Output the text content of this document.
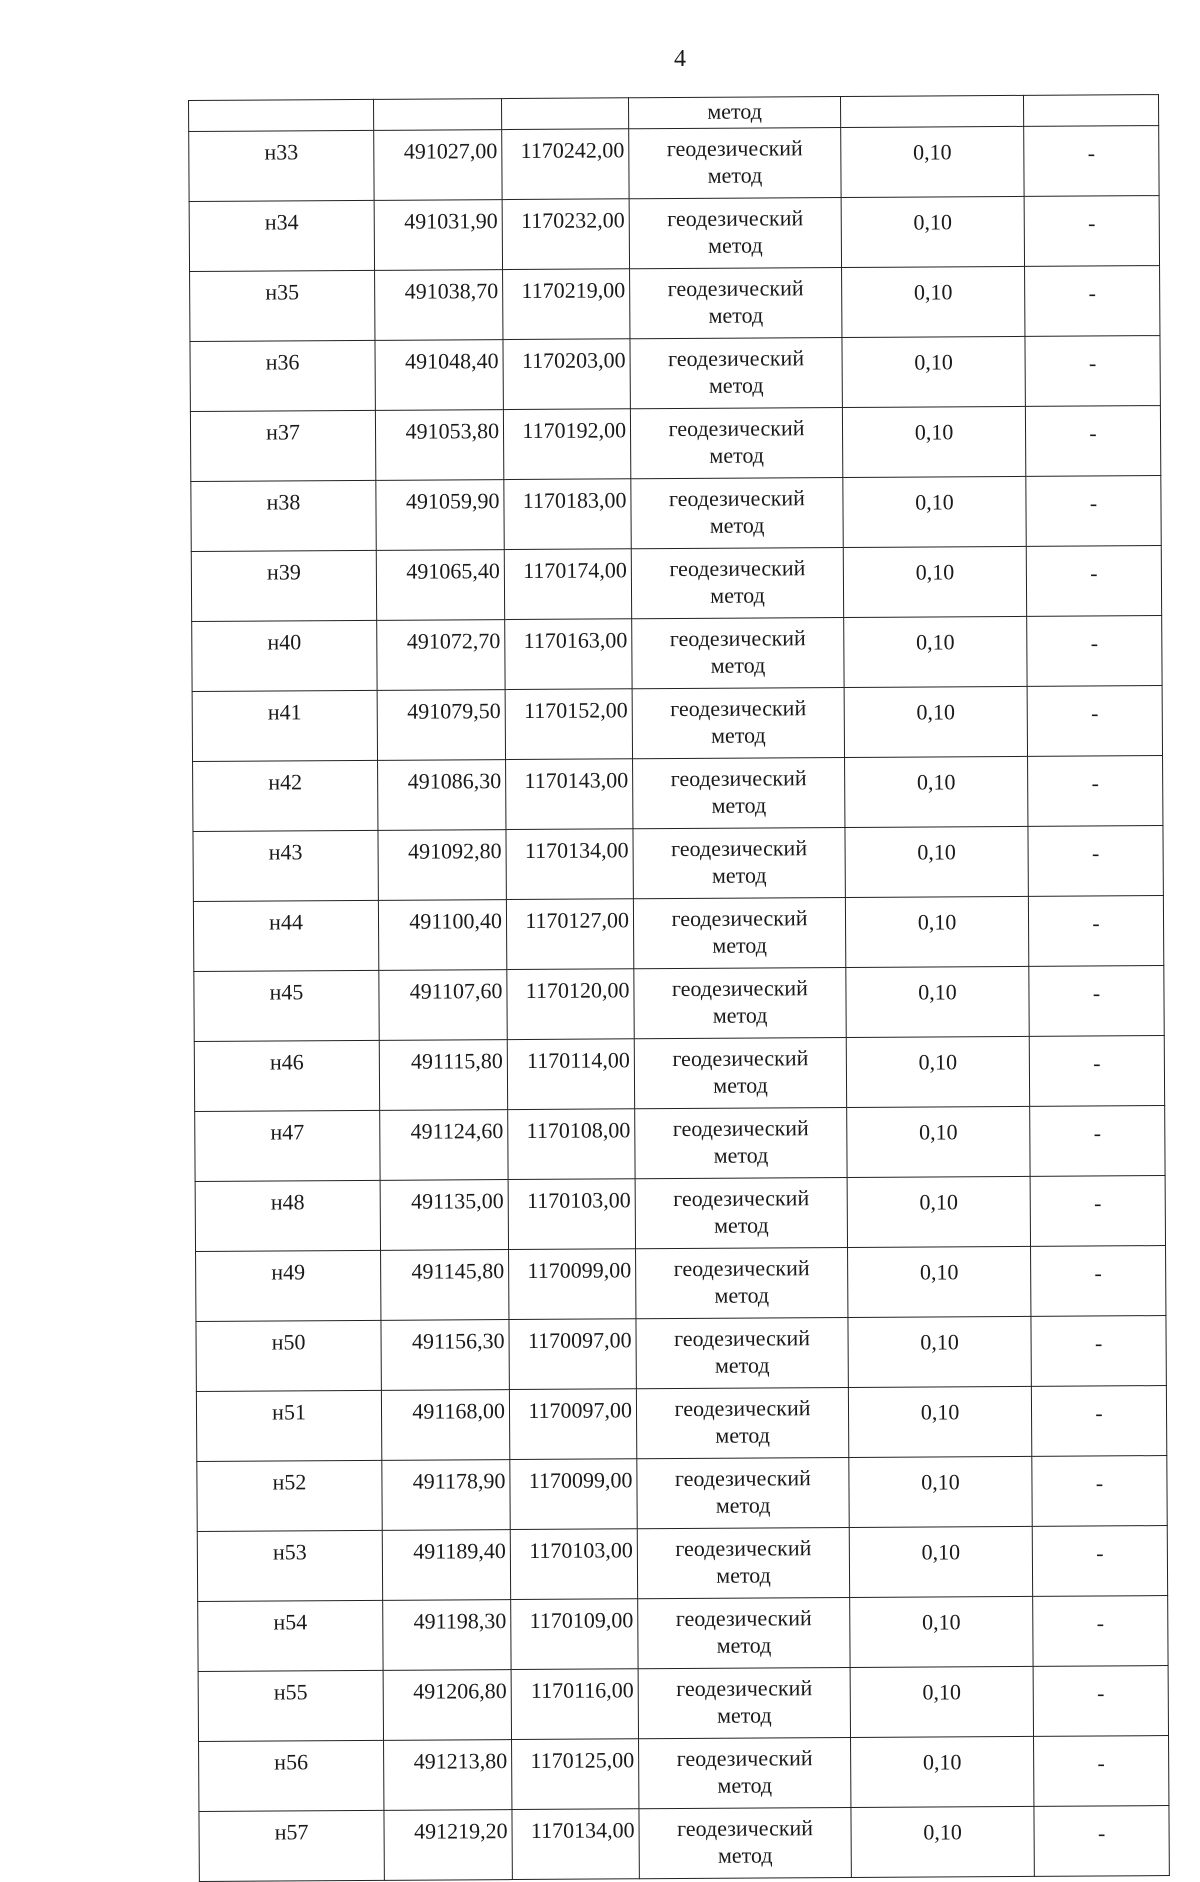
4
			метод		
н33	491027,00	1170242,00	геодезический
метод	0,10	-
н34	491031,90	1170232,00	геодезический
метод	0,10	-
н35	491038,70	1170219,00	геодезический
метод	0,10	-
н36	491048,40	1170203,00	геодезический
метод	0,10	-
н37	491053,80	1170192,00	геодезический
метод	0,10	-
н38	491059,90	1170183,00	геодезический
метод	0,10	-
н39	491065,40	1170174,00	геодезический
метод	0,10	-
н40	491072,70	1170163,00	геодезический
метод	0,10	-
н41	491079,50	1170152,00	геодезический
метод	0,10	-
н42	491086,30	1170143,00	геодезический
метод	0,10	-
н43	491092,80	1170134,00	геодезический
метод	0,10	-
н44	491100,40	1170127,00	геодезический
метод	0,10	-
н45	491107,60	1170120,00	геодезический
метод	0,10	-
н46	491115,80	1170114,00	геодезический
метод	0,10	-
н47	491124,60	1170108,00	геодезический
метод	0,10	-
н48	491135,00	1170103,00	геодезический
метод	0,10	-
н49	491145,80	1170099,00	геодезический
метод	0,10	-
н50	491156,30	1170097,00	геодезический
метод	0,10	-
н51	491168,00	1170097,00	геодезический
метод	0,10	-
н52	491178,90	1170099,00	геодезический
метод	0,10	-
н53	491189,40	1170103,00	геодезический
метод	0,10	-
н54	491198,30	1170109,00	геодезический
метод	0,10	-
н55	491206,80	1170116,00	геодезический
метод	0,10	-
н56	491213,80	1170125,00	геодезический
метод	0,10	-
н57	491219,20	1170134,00	геодезический
метод	0,10	-
